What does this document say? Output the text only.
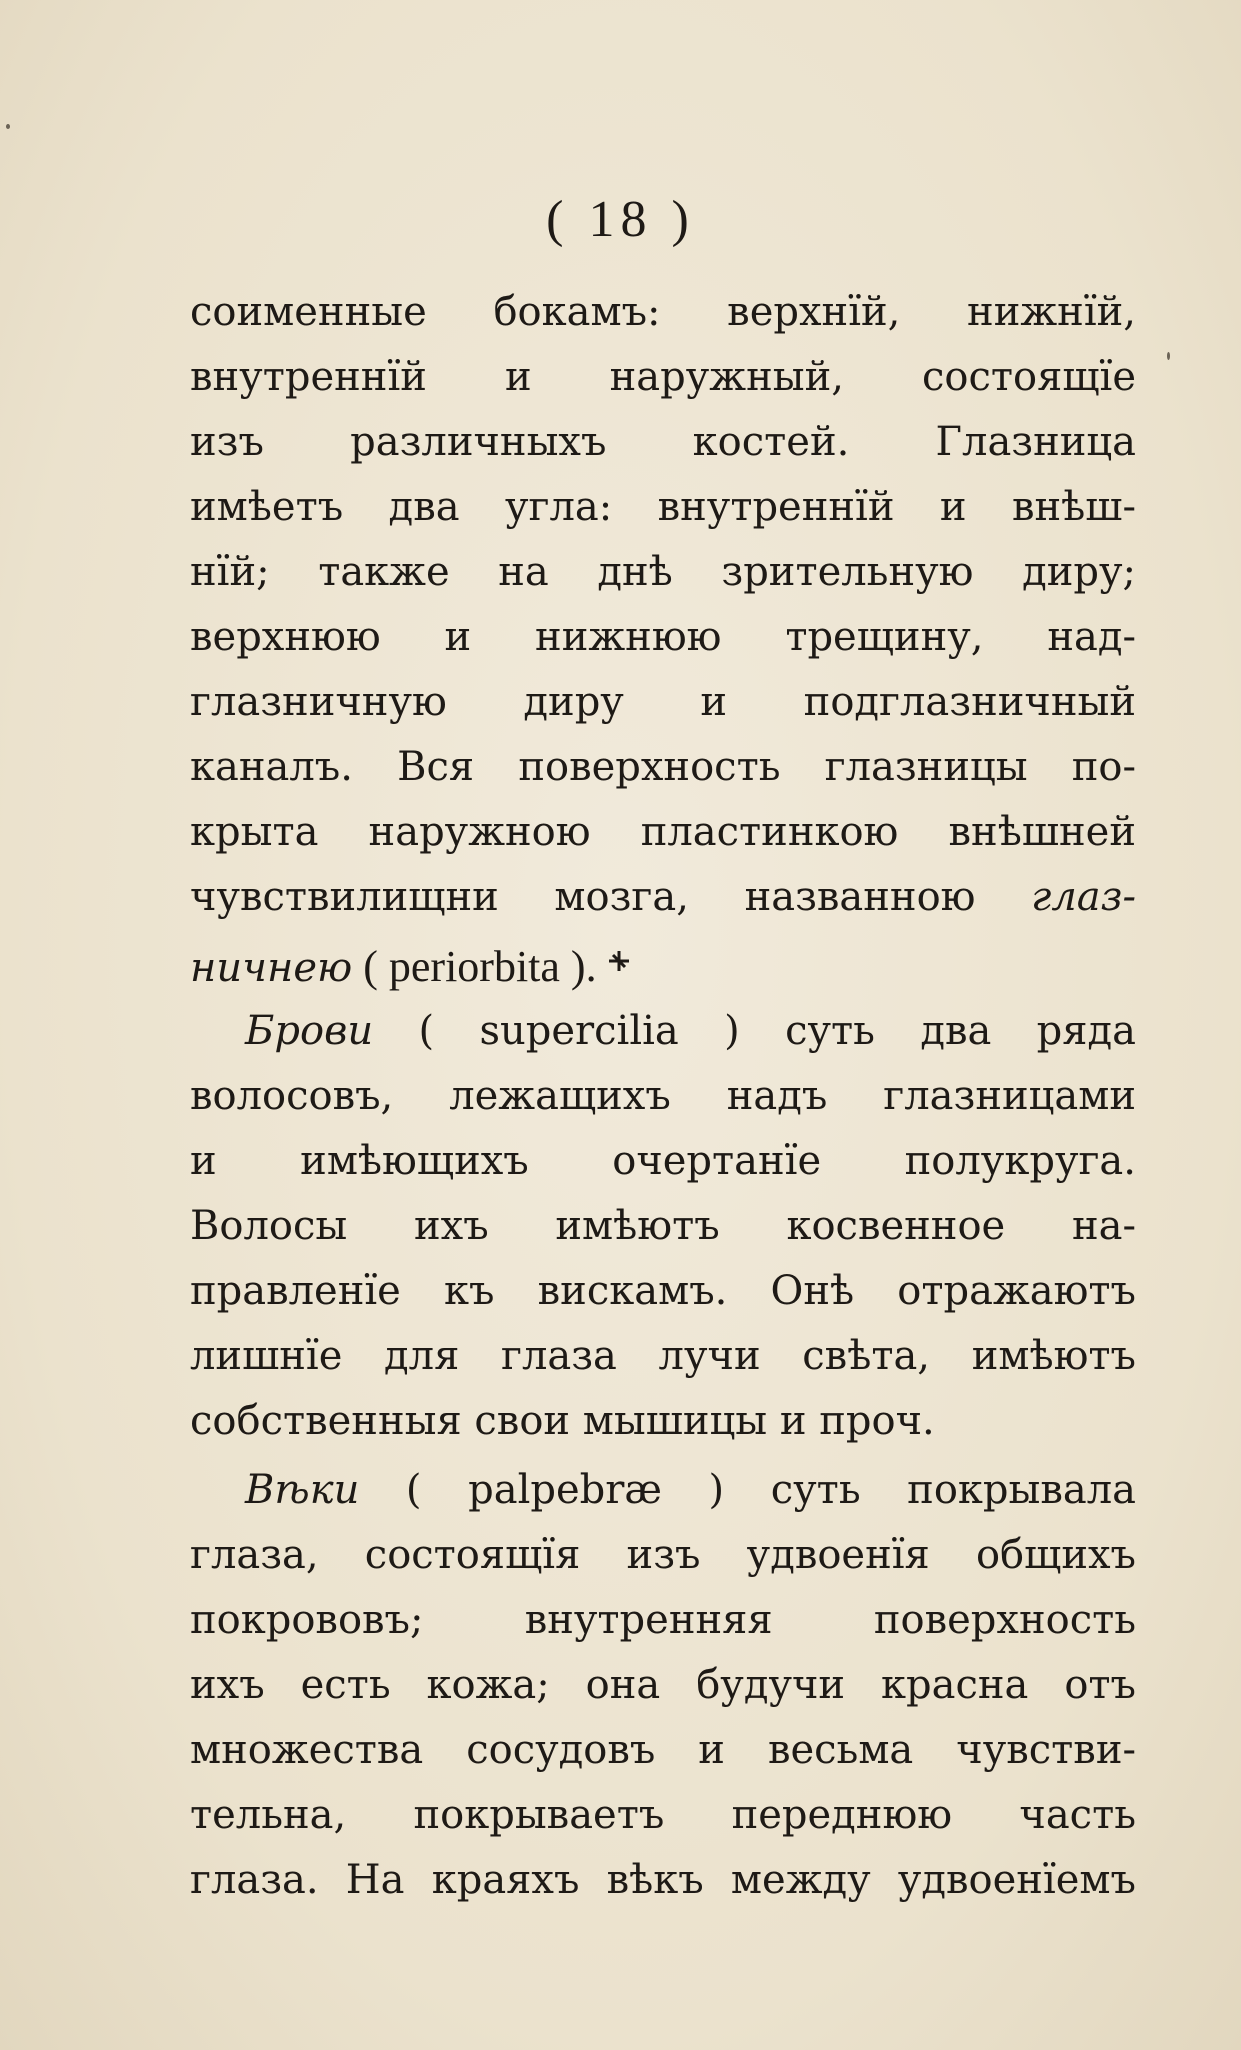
( 18 )
соименные бокамъ: верхнїй, нижнїй,
внутреннїй и наружный, состоящїе
изъ различныхъ костей. Глазница
имѣетъ два угла: внутреннїй и внѣш-
нїй; также на днѣ зрительную диру;
верхнюю и нижнюю трещину, над-
глазничную диру и подглазничный
каналъ. Вся поверхность глазницы по-
крыта наружною пластинкою внѣшней
чувствилищни мозга, названною глаз-
ничнею ( periorbita ).
Брови ( supercilia ) суть два ряда
волосовъ, лежащихъ надъ глазницами
и имѣющихъ очертанїе полукруга.
Волосы ихъ имѣютъ косвенное на-
правленїе къ вискамъ. Онѣ отражаютъ
лишнїе для глаза лучи свѣта, имѣютъ
собственныя свои мышицы и проч.
Вѣки ( palpebræ ) суть покрывала
глаза, состоящїя изъ удвоенїя общихъ
покрововъ; внутренняя поверхность
ихъ есть кожа; она будучи красна отъ
множества сосудовъ и весьма чувстви-
тельна, покрываетъ переднюю часть
глаза. На краяхъ вѣкъ между удвоенїемъ
